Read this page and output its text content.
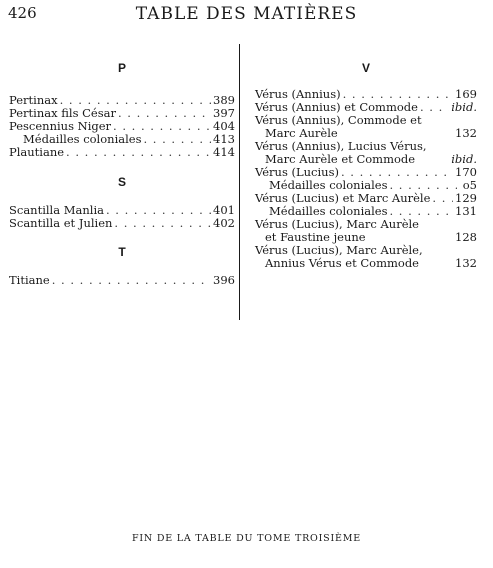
426	TABLE DES MATIÈRES
P
Pertinax . . .	389
Pertinax fils César . . .	397
Pescennius Niger . . .	404
Médailles coloniales . . .	413
Plautiane . . .	414
S
Scantilla Manlia . . .	401
Scantilla et Julien . . .	402
T
Titiane . . .	396
V
Vérus (Annius) . . .	169
Vérus (Annius) et Commode . . .	ibid.
Vérus (Annius), Commode et
Marc Aurèle	132
Vérus (Annius), Lucius Vérus,
Marc Aurèle et Commode	ibid.
Vérus (Lucius) . . .	170
Médailles coloniales . . .	o5
Vérus (Lucius) et Marc Aurèle . . . 129
Médailles coloniales . . .	131
Vérus (Lucius), Marc Aurèle
et Faustine jeune	128
Vérus (Lucius), Marc Aurèle,
Annius Vérus et Commode	132
FIN DE LA TABLE DU TOME TROISIÈME
